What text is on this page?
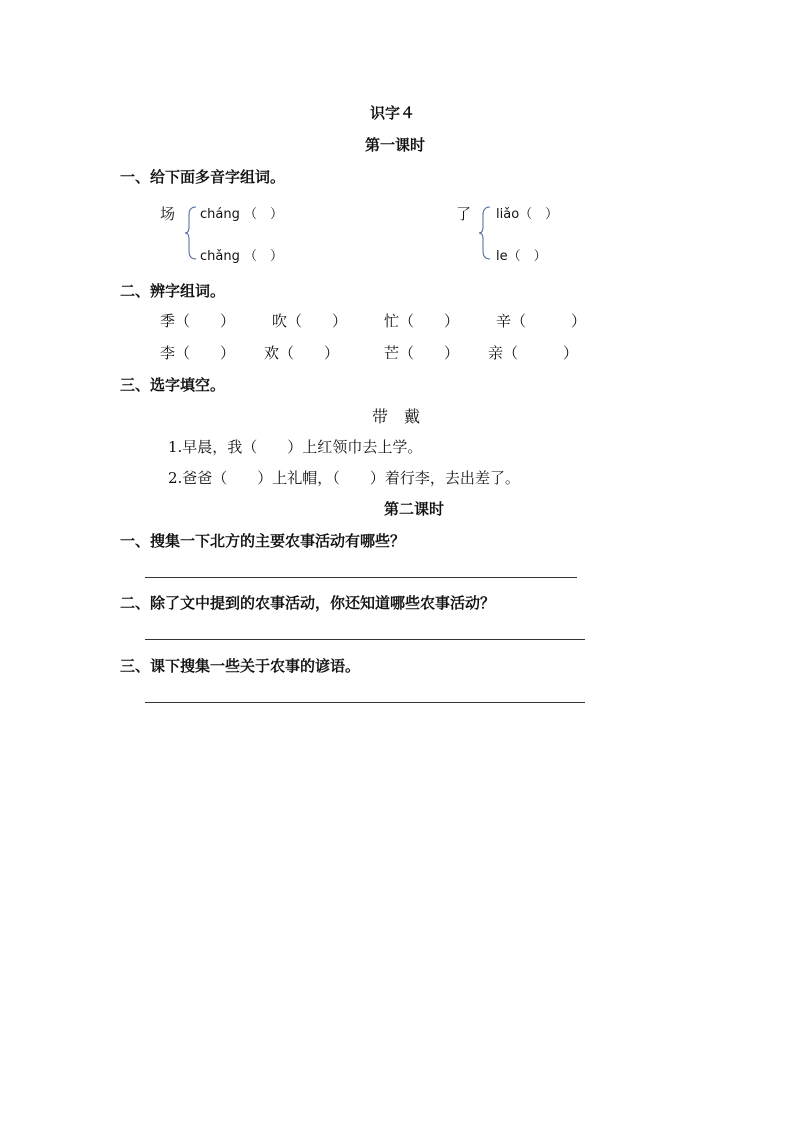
识字４
第一课时
一、给下面多音字组词。
场 cháng （　）
chǎng （　）
了 liǎo（　）
le（　）
二、辨字组词。
季（　　） 吹（　　） 忙（　　） 辛（　　　）
李（　　） 欢（　　）	芒（　　） 亲（　　　）
三、选字填空。
带　戴
1.早晨，我（　　）上红领巾去上学。
2.爸爸（　　）上礼帽，（　　）着行李，去出差了。
第二课时
一、搜集一下北方的主要农事活动有哪些？
二、除了文中提到的农事活动，你还知道哪些农事活动？
三、课下搜集一些关于农事的谚语。
